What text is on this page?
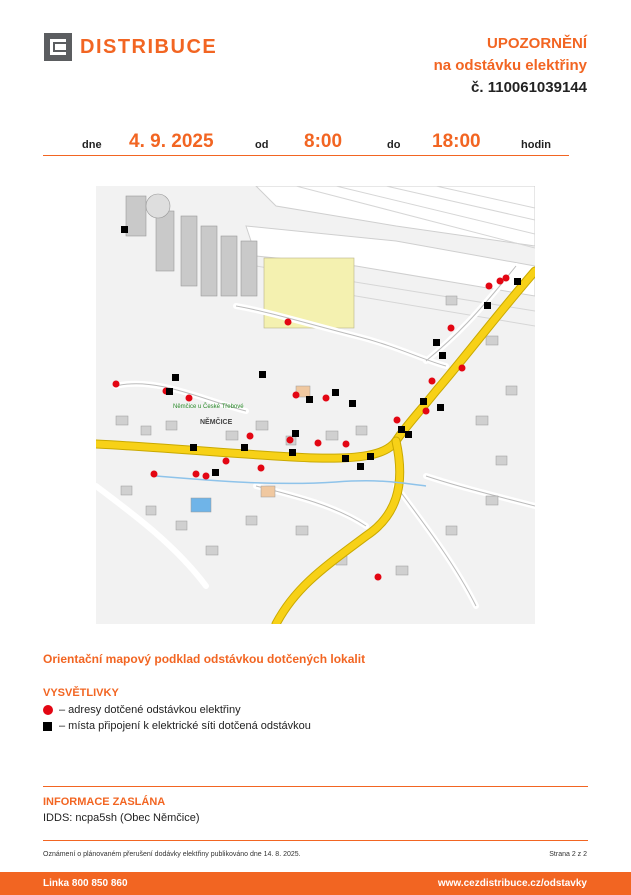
DISTRIBUCE	UPOZORNĚNÍ
na odstávku elektřiny
č. 110061039144
dne 4. 9. 2025	od 8:00	do 18:00	hodin
Němčice u České Třebové
NĚMČICE
Orientační mapový podklad odstávkou dotčených lokalit
VYSVĚTLIVKY
– adresy dotčené odstávkou elektřiny
– místa připojení k elektrické síti dotčená odstávkou
INFORMACE ZASLÁNA
IDDS: ncpa5sh (Obec Němčice)
Oznámení o plánovaném přerušení dodávky elektřiny publikováno dne 14. 8. 2025.	Strana 2 z 2
Linka 800 850 860	www.cezdistribuce.cz/odstavky
